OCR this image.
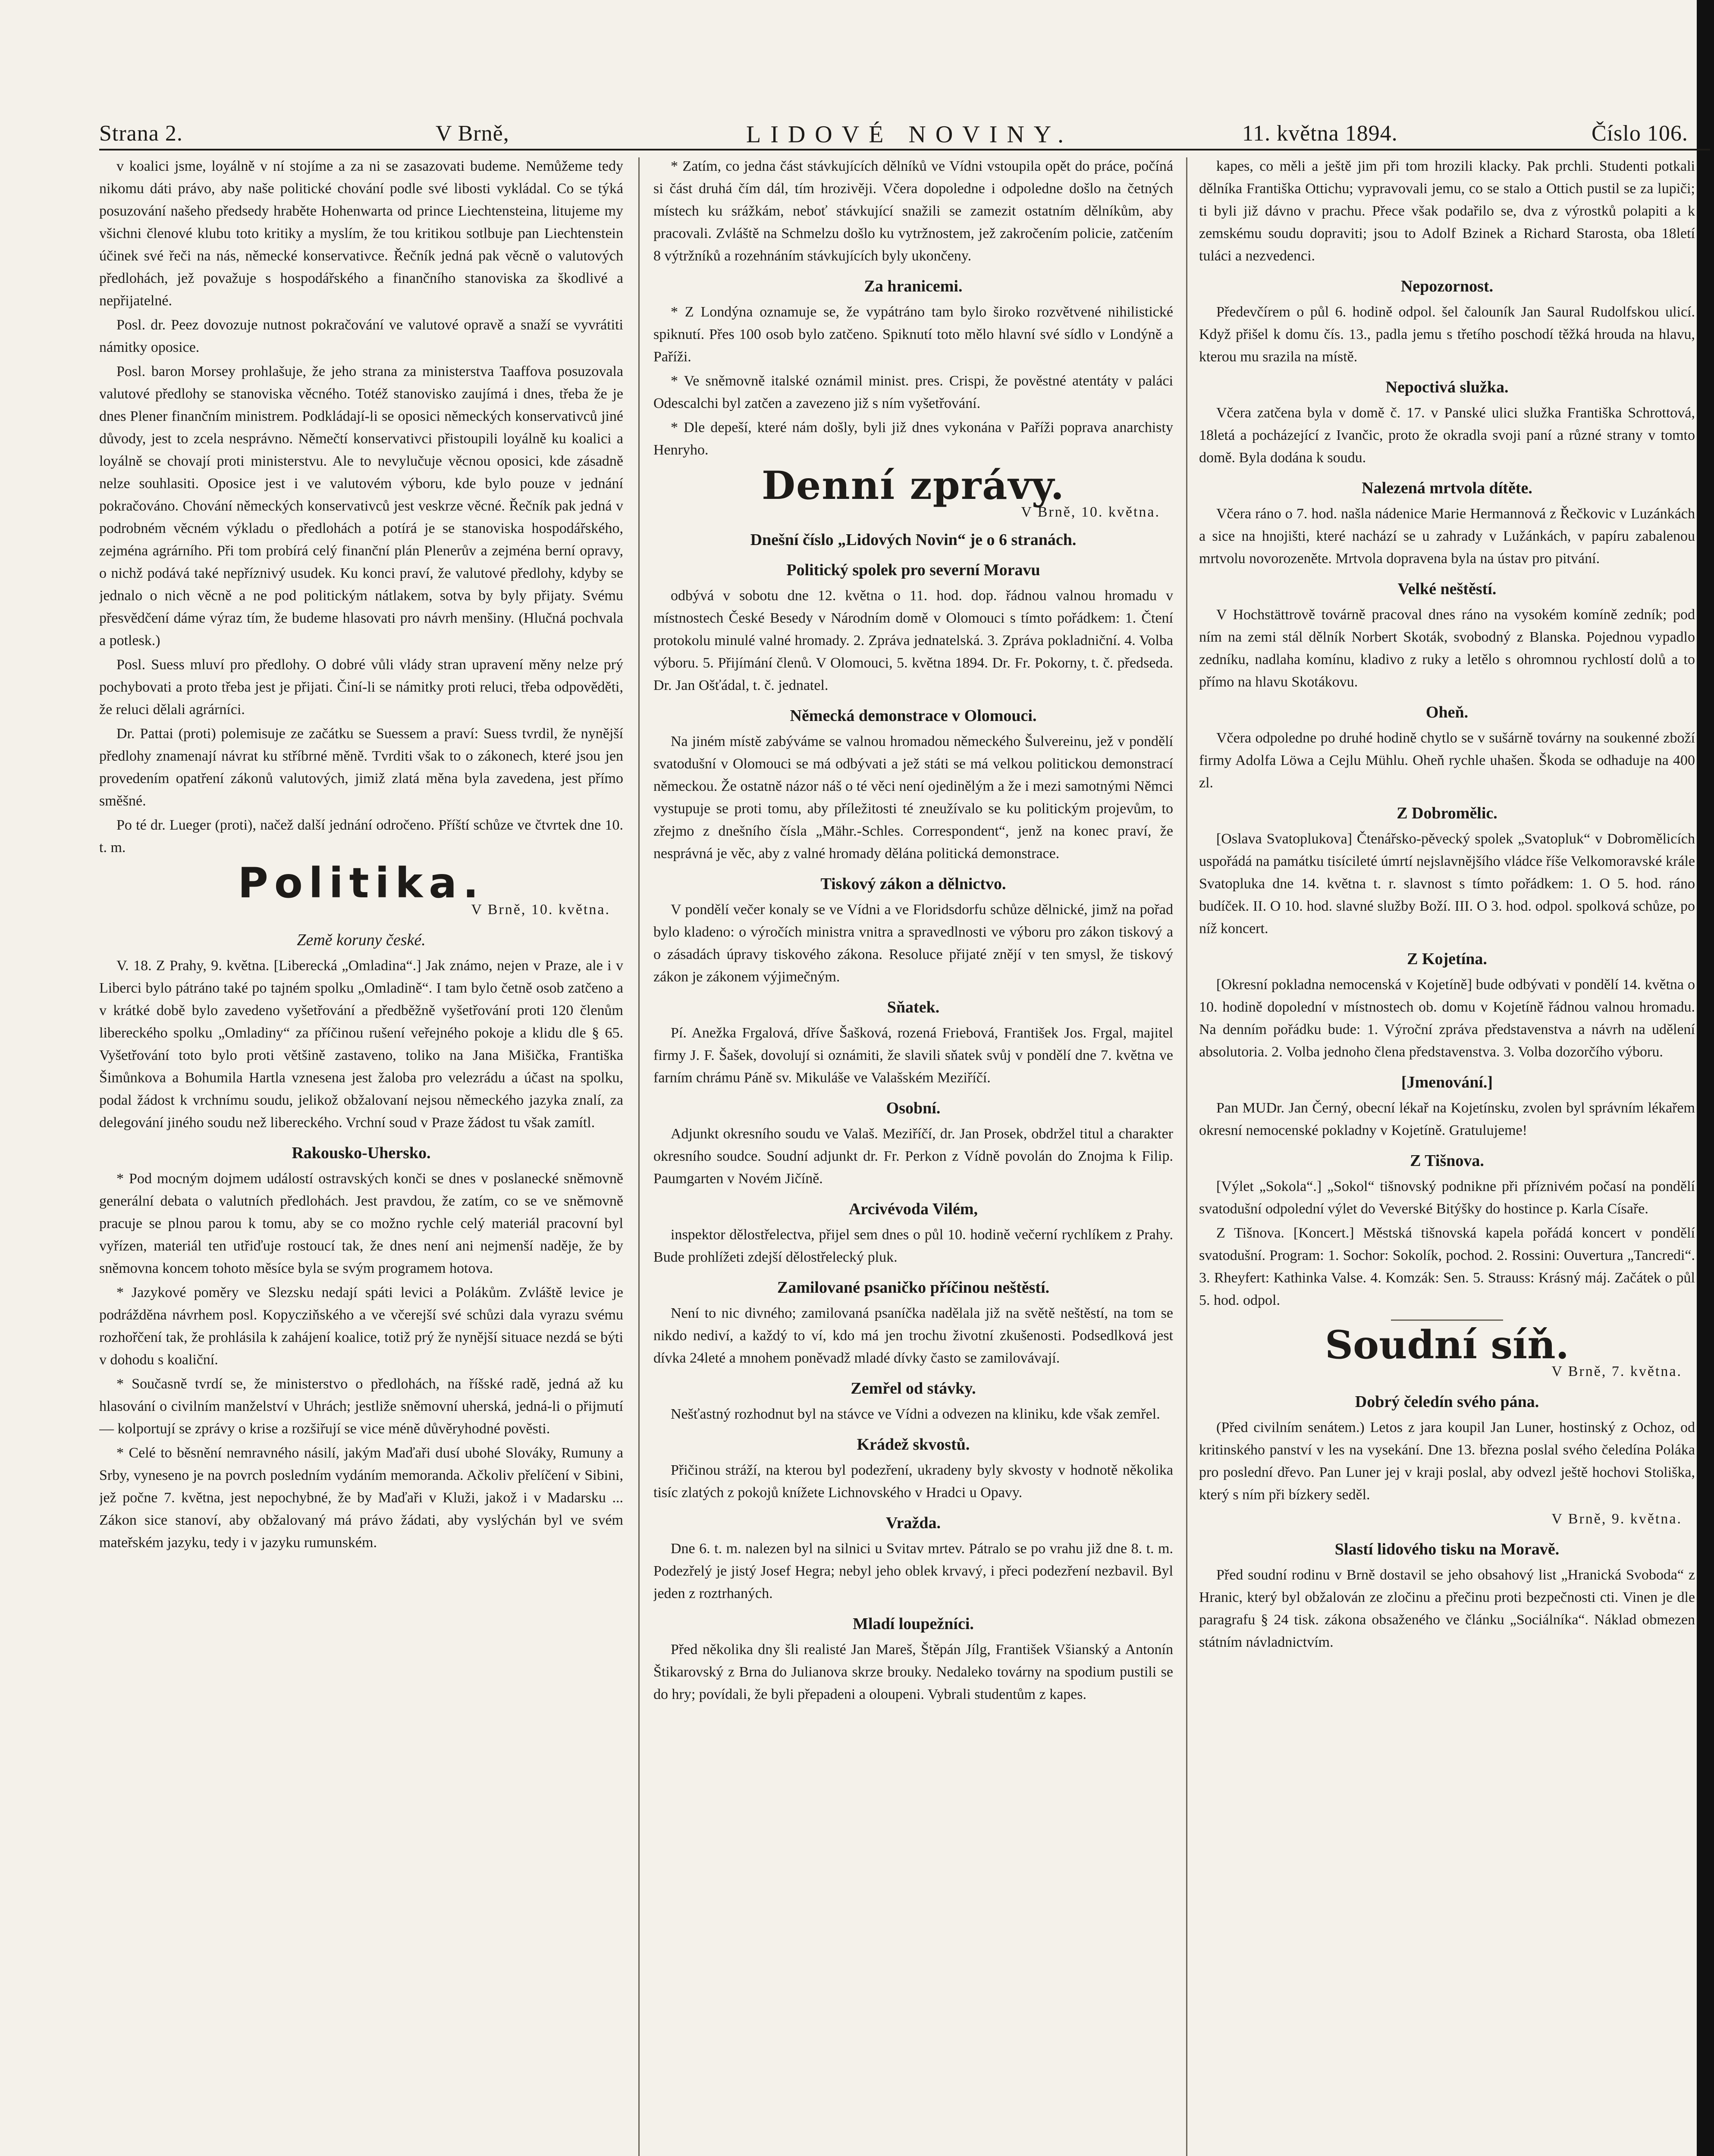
Strana 2.	V Brně,	LIDOVÉ NOVINY.	11. května 1894.	Číslo 106.

v koalici jsme, loyálně v ní stojíme a za ni se zasazovati budeme. Nemůžeme tedy nikomu dáti právo, aby naše politické chování podle své libosti vykládal. Co se týká posuzování našeho předsedy hraběte Hohenwarta od prince Liechtensteina, litujeme my všichni členové klubu toto kritiky a myslím, že tou kritikou sotlbuje pan Liechtenstein účinek své řeči na nás, německé konservativce. Řečník jedná pak věcně o valutových předlohách, jež považuje s hospodářského a finančního stanoviska za škodlivé a nepřijatelné.

Posl. dr. Peez dovozuje nutnost pokračování ve valutové opravě a snaží se vyvrátiti námitky oposice.

Posl. baron Morsey prohlašuje, že jeho strana za ministerstva Taaffova posuzovala valutové předlohy se stanoviska věcného. Totéž stanovisko zaujímá i dnes, třeba že je dnes Plener finančním ministrem. Podkládají-li se oposici německých konservativců jiné důvody, jest to zcela nesprávno. Němečtí konservativci přistoupili loyálně ku koalici a loyálně se chovají proti ministerstvu. Ale to nevylučuje věcnou oposici, kde zásadně nelze souhlasiti. Oposice jest i ve valutovém výboru, kde bylo pouze v jednání pokračováno. Chování německých konservativců jest veskrze věcné. Řečník pak jedná v podrobném věcném výkladu o předlohách a potírá je se stanoviska hospodářského, zejména agrárního. Při tom probírá celý finanční plán Plenerův a zejména berní opravy, o nichž podává také nepříznivý usudek. Ku konci praví, že valutové předlohy, kdyby se jednalo o nich věcně a ne pod politickým nátlakem, sotva by byly přijaty. Svému přesvědčení dáme výraz tím, že budeme hlasovati pro návrh menšiny. (Hlučná pochvala a potlesk.)

Posl. Suess mluví pro předlohy. O dobré vůli vlády stran upravení měny nelze prý pochybovati a proto třeba jest je přijati. Činí-li se námitky proti reluci, třeba odpověděti, že reluci dělali agrárníci.

Dr. Pattai (proti) polemisuje ze začátku se Suessem a praví: Suess tvrdil, že nynější předlohy znamenají návrat ku stříbrné měně. Tvrditi však to o zákonech, které jsou jen provedením opatření zákonů valutových, jimiž zlatá měna byla zavedena, jest přímo směšné.

Po té dr. Lueger (proti), načež další jednání odročeno. Příští schůze ve čtvrtek dne 10. t. m.

Politika.
V Brně, 10. května.
Země koruny české.

V. 18. Z Prahy, 9. května. [Liberecká „Omladina“.] Jak známo, nejen v Praze, ale i v Liberci bylo pátráno také po tajném spolku „Omladině“. I tam bylo četně osob zatčeno a v krátké době bylo zavedeno vyšetřování a předběžně vyšetřování proti 120 členům libereckého spolku „Omladiny“ za příčinou rušení veřejného pokoje a klidu dle § 65. Vyšetřování toto bylo proti většině zastaveno, toliko na Jana Mišička, Františka Šimůnkova a Bohumila Hartla vznesena jest žaloba pro velezrádu a účast na spolku, podal žádost k vrchnímu soudu, jelikož obžalovaní nejsou německého jazyka znalí, za delegování jiného soudu než libereckého. Vrchní soud v Praze žádost tu však zamítl.

Rakousko-Uhersko.

* Pod mocným dojmem událostí ostravských konči se dnes v poslanecké sněmovně generální debata o valutních předlohách. Jest pravdou, že zatím, co se ve sněmovně pracuje se plnou parou k tomu, aby se co možno rychle celý materiál pracovní byl vyřízen, materiál ten utřiďuje rostoucí tak, že dnes není ani nejmenší naděje, že by sněmovna koncem tohoto měsíce byla se svým programem hotova.

* Jazykové poměry ve Slezsku nedají spáti levici a Polákům. Zvláště levice je podrážděna návrhem posl. Kopycziňského a ve včerejší své schůzi dala vyrazu svému rozhořčení tak, že prohlásila k zahájení koalice, totiž prý že nynější situace nezdá se býti v dohodu s koaliční.

* Současně tvrdí se, že ministerstvo o předlohách, na říšské radě, jedná až ku hlasování o civilním manželství v Uhrách; jestliže sněmovní uherská, jedná-li o přijmutí — kolportují se zprávy o krise a rozšiřují se vice méně důvěryhodné pověsti.

* Celé to běsnění nemravného násilí, jakým Maďaři dusí ubohé Slováky, Rumuny a Srby, vyneseno je na povrch posledním vydáním memoranda. Ačkoliv přelíčení v Sibini, jež počne 7. května, jest nepochybné, že by Maďaři v Kluži, jakož i v Madarsku ... Zákon sice stanoví, aby obžalovaný má právo žádati, aby vyslýchán byl ve svém mateřském jazyku, tedy i v jazyku rumunském.

* Zatím, co jedna část stávkujících dělníků ve Vídni vstoupila opět do práce, počíná si část druhá čím dál, tím hrozivěji. Včera dopoledne i odpoledne došlo na četných místech ku srážkám, neboť stávkující snažili se zamezit ostatním dělníkům, aby pracovali. Zvláště na Schmelzu došlo ku vytržnostem, jež zakročením policie, zatčením 8 výtržníků a rozehnáním stávkujících byly ukončeny.

Za hranicemi.

* Z Londýna oznamuje se, že vypátráno tam bylo široko rozvětvené nihilistické spiknutí. Přes 100 osob bylo zatčeno. Spiknutí toto mělo hlavní své sídlo v Londýně a Paříži.

* Ve sněmovně italské oznámil minist. pres. Crispi, že pověstné atentáty v paláci Odescalchi byl zatčen a zavezeno již s ním vyšetřování.

* Dle depeší, které nám došly, byli již dnes vykonána v Paříži poprava anarchisty Henryho.

Denní zprávy.
V Brně, 10. května.
Dnešní číslo „Lidových Novin“ je o 6 stranách.
Politický spolek pro severní Moravu

odbývá v sobotu dne 12. května o 11. hod. dop. řádnou valnou hromadu v místnostech České Besedy v Národním domě v Olomouci s tímto pořádkem: 1. Čtení protokolu minulé valné hromady. 2. Zpráva jednatelská. 3. Zpráva pokladniční. 4. Volba výboru. 5. Přijímání členů. V Olomouci, 5. května 1894. Dr. Fr. Pokorny, t. č. předseda. Dr. Jan Ošťádal, t. č. jednatel.

Německá demonstrace v Olomouci.

Na jiném místě zabýváme se valnou hromadou německého Šulvereinu, jež v pondělí svatodušní v Olomouci se má odbývati a jež státi se má velkou politickou demonstrací německou. Že ostatně názor náš o té věci není ojedinělým a že i mezi samotnými Němci vystupuje se proti tomu, aby příležitosti té zneužívalo se ku politickým projevům, to zřejmo z dnešního čísla „Mähr.-Schles. Correspondent“, jenž na konec praví, že nesprávná je věc, aby z valné hromady dělána politická demonstrace.

Tiskový zákon a dělnictvo.

V pondělí večer konaly se ve Vídni a ve Floridsdorfu schůze dělnické, jimž na pořad bylo kladeno: o výročích ministra vnitra a spravedlnosti ve výboru pro zákon tiskový a o zásadách úpravy tiskového zákona. Resoluce přijaté znějí v ten smysl, že tiskový zákon je zákonem výjimečným.

Sňatek.

Pí. Anežka Frgalová, dříve Šašková, rozená Friebová, František Jos. Frgal, majitel firmy J. F. Šašek, dovolují si oznámiti, že slavili sňatek svůj v pondělí dne 7. května ve farním chrámu Páně sv. Mikuláše ve Valašském Meziříčí.

Osobní.

Adjunkt okresního soudu ve Valaš. Meziříčí, dr. Jan Prosek, obdržel titul a charakter okresního soudce. Soudní adjunkt dr. Fr. Perkon z Vídně povolán do Znojma k Filip. Paumgarten v Novém Jičíně.

Arcivévoda Vilém,

inspektor dělostřelectva, přijel sem dnes o půl 10. hodině večerní rychlíkem z Prahy. Bude prohlížeti zdejší dělostřelecký pluk.

Zamilované psaničko příčinou neštěstí.

Není to nic divného; zamilovaná psaníčka nadělala již na světě neštěstí, na tom se nikdo nediví, a každý to ví, kdo má jen trochu životní zkušenosti. Podsedlková jest dívka 24leté a mnohem poněvadž mladé dívky často se zamilovávají.

Zemřel od stávky.

Nešťastný rozhodnut byl na stávce ve Vídni a odvezen na kliniku, kde však zemřel.

Krádež skvostů.

Přičinou stráží, na kterou byl podezření, ukradeny byly skvosty v hodnotě několika tisíc zlatých z pokojů knížete Lichnovského v Hradci u Opavy.

Vražda.

Dne 6. t. m. nalezen byl na silnici u Svitav mrtev. Pátralo se po vrahu již dne 8. t. m. Podezřelý je jistý Josef Hegra; nebyl jeho oblek krvavý, i přeci podezření nezbavil. Byl jeden z roztrhaných.

Mladí loupežníci.

Před několika dny šli realisté Jan Mareš, Štěpán Jílg, František Všianský a Antonín Štikarovský z Brna do Julianova skrze brouky. Nedaleko továrny na spodium pustili se do hry; povídali, že byli přepadeni a oloupeni. Vybrali studentům z kapes.

kapes, co měli a ještě jim při tom hrozili klacky. Pak prchli. Studenti potkali dělníka Františka Ottichu; vypravovali jemu, co se stalo a Ottich pustil se za lupiči; ti byli již dávno v prachu. Přece však podařilo se, dva z výrostků polapiti a k zemskému soudu dopraviti; jsou to Adolf Bzinek a Richard Starosta, oba 18letí tuláci a nezvedenci.

Nepozornost.

Předevčírem o půl 6. hodině odpol. šel čalouník Jan Saural Rudolfskou ulicí. Když přišel k domu čís. 13., padla jemu s třetího poschodí těžká hrouda na hlavu, kterou mu srazila na místě.

Nepoctivá služka.

Včera zatčena byla v domě č. 17. v Panské ulici služka Františka Schrottová, 18letá a pocházející z Ivančic, proto že okradla svoji paní a různé strany v tomto domě. Byla dodána k soudu.

Nalezená mrtvola dítěte.

Včera ráno o 7. hod. našla nádenice Marie Hermannová z Řečkovic v Luzánkách a sice na hnojišti, které nachází se u zahrady v Lužánkách, v papíru zabalenou mrtvolu novorozeněte. Mrtvola dopravena byla na ústav pro pitvání.

Velké neštěstí.

V Hochstättrově továrně pracoval dnes ráno na vysokém komíně zedník; pod ním na zemi stál dělník Norbert Skoták, svobodný z Blanska. Pojednou vypadlo zedníku, nadlaha komínu, kladivo z ruky a letělo s ohromnou rychlostí dolů a to přímo na hlavu Skotákovu.

Oheň.

Včera odpoledne po druhé hodině chytlo se v sušárně továrny na soukenné zboží firmy Adolfa Löwa a Cejlu Mühlu. Oheň rychle uhašen. Škoda se odhaduje na 400 zl.

Z Dobromělic.

[Oslava Svatoplukova] Čtenářsko-pěvecký spolek „Svatopluk“ v Dobromělicích uspořádá na památku tisícileté úmrtí nejslavnějšího vládce říše Velkomoravské krále Svatopluka dne 14. května t. r. slavnost s tímto pořádkem: 1. O 5. hod. ráno budíček. II. O 10. hod. slavné služby Boží. III. O 3. hod. odpol. spolková schůze, po níž koncert.

Z Kojetína.

[Okresní pokladna nemocenská v Kojetíně] bude odbývati v pondělí 14. května o 10. hodině dopolední v místnostech ob. domu v Kojetíně řádnou valnou hromadu. Na denním pořádku bude: 1. Výroční zpráva představenstva a návrh na udělení absolutoria. 2. Volba jednoho člena představenstva. 3. Volba dozorčího výboru.

[Jmenování.]

Pan MUDr. Jan Černý, obecní lékař na Kojetínsku, zvolen byl správním lékařem okresní nemocenské pokladny v Kojetíně. Gratulujeme!

Z Tišnova.

[Výlet „Sokola“.] „Sokol“ tišnovský podnikne při příznivém počasí na pondělí svatodušní odpolední výlet do Veverské Bitýšky do hostince p. Karla Císaře.

Z Tišnova. [Koncert.] Městská tišnovská kapela pořádá koncert v pondělí svatodušní. Program: 1. Sochor: Sokolík, pochod. 2. Rossini: Ouvertura „Tancredi“. 3. Rheyfert: Kathinka Valse. 4. Komzák: Sen. 5. Strauss: Krásný máj. Začátek o půl 5. hod. odpol.

Soudní síň.
V Brně, 7. května.
Dobrý čeledín svého pána.

(Před civilním senátem.) Letos z jara koupil Jan Luner, hostinský z Ochoz, od kritinského panství v les na vysekání. Dne 13. března poslal svého čeledína Poláka pro poslední dřevo. Pan Luner jej v kraji poslal, aby odvezl ještě hochovi Stoliška, který s ním při bízkery seděl.

V Brně, 9. května.
Slastí lidového tisku na Moravě.

Před soudní rodinu v Brně dostavil se jeho obsahový list „Hranická Svoboda“ z Hranic, který byl obžalován ze zločinu a přečinu proti bezpečnosti cti. Vinen je dle paragrafu § 24 tisk. zákona obsaženého ve článku „Sociálníka“. Náklad obmezen státním návladnictvím.
